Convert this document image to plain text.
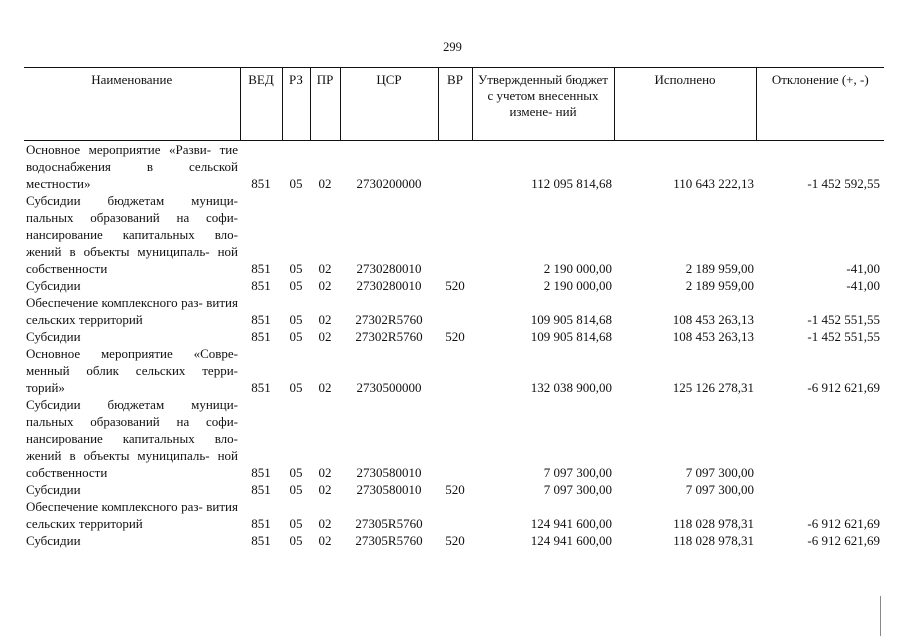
299
Наименование	ВЕД	РЗ	ПР	ЦСР	ВР	Утвержденный бюджет с учетом внесенных измене- ний	Исполнено	Отклонение (+, -)
Основное мероприятие «Разви- тие водоснабжения в сельской местности»	851	05	02	2730200000		112 095 814,68	110 643 222,13	-1 452 592,55
Субсидии бюджетам муници- пальных образований на софи- нансирование капитальных вло- жений в объекты муниципаль- ной собственности	851	05	02	2730280010		2 190 000,00	2 189 959,00	-41,00
Субсидии	851	05	02	2730280010	520	2 190 000,00	2 189 959,00	-41,00
Обеспечение комплексного раз- вития сельских территорий	851	05	02	27302R5760		109 905 814,68	108 453 263,13	-1 452 551,55
Субсидии	851	05	02	27302R5760	520	109 905 814,68	108 453 263,13	-1 452 551,55
Основное мероприятие «Совре- менный облик сельских терри- торий»	851	05	02	2730500000		132 038 900,00	125 126 278,31	-6 912 621,69
Субсидии бюджетам муници- пальных образований на софи- нансирование капитальных вло- жений в объекты муниципаль- ной собственности	851	05	02	2730580010		7 097 300,00	7 097 300,00	
Субсидии	851	05	02	2730580010	520	7 097 300,00	7 097 300,00	
Обеспечение комплексного раз- вития сельских территорий	851	05	02	27305R5760		124 941 600,00	118 028 978,31	-6 912 621,69
Субсидии	851	05	02	27305R5760	520	124 941 600,00	118 028 978,31	-6 912 621,69
